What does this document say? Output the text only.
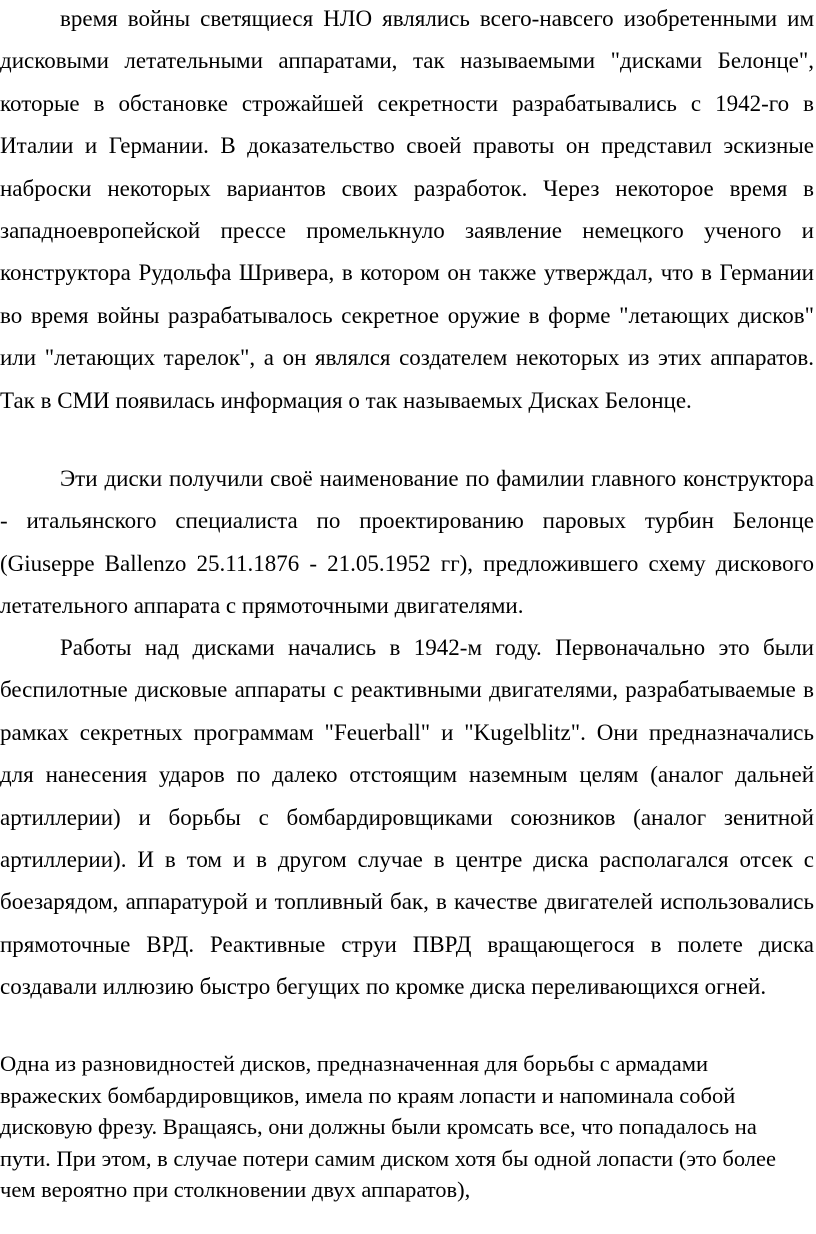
время войны светящиеся НЛО являлись всего-навсего изобретенными им дисковыми летательными аппаратами, так называемыми "дисками Белонце", которые в обстановке строжайшей секретности разрабатывались с 1942-го в Италии и Германии. В доказательство своей правоты он представил эскизные наброски некоторых вариантов своих разработок. Через некоторое время в западноевропейской прессе промелькнуло заявление немецкого ученого и конструктора Рудольфа Шривера, в котором он также утверждал, что в Германии во время войны разрабатывалось секретное оружие в форме "летающих дисков" или "летающих тарелок", а он являлся создателем некоторых из этих аппаратов. Так в СМИ появилась информация о так называемых Дисках Белонце.

Эти диски получили своё наименование по фамилии главного конструктора - итальянского специалиста по проектированию паровых турбин Белонце (Giuseppe Ballenzo 25.11.1876 - 21.05.1952 гг), предложившего схему дискового летательного аппарата с прямоточными двигателями.

Работы над дисками начались в 1942-м году. Первоначально это были беспилотные дисковые аппараты с реактивными двигателями, разрабатываемые в рамках секретных программам "Feuerball" и "Kugelblitz". Они предназначались для нанесения ударов по далеко отстоящим наземным целям (аналог дальней артиллерии) и борьбы с бомбардировщиками союзников (аналог зенитной артиллерии). И в том и в другом случае в центре диска располагался отсек с боезарядом, аппаратурой и топливный бак, в качестве двигателей использовались прямоточные ВРД. Реактивные струи ПВРД вращающегося в полете диска создавали иллюзию быстро бегущих по кромке диска переливающихся огней.

Одна из разновидностей дисков, предназначенная для борьбы с армадами вражеских бомбардировщиков, имела по краям лопасти и напоминала собой дисковую фрезу. Вращаясь, они должны были кромсать все, что попадалось на пути. При этом, в случае потери самим диском хотя бы одной лопасти (это более чем вероятно при столкновении двух аппаратов),
